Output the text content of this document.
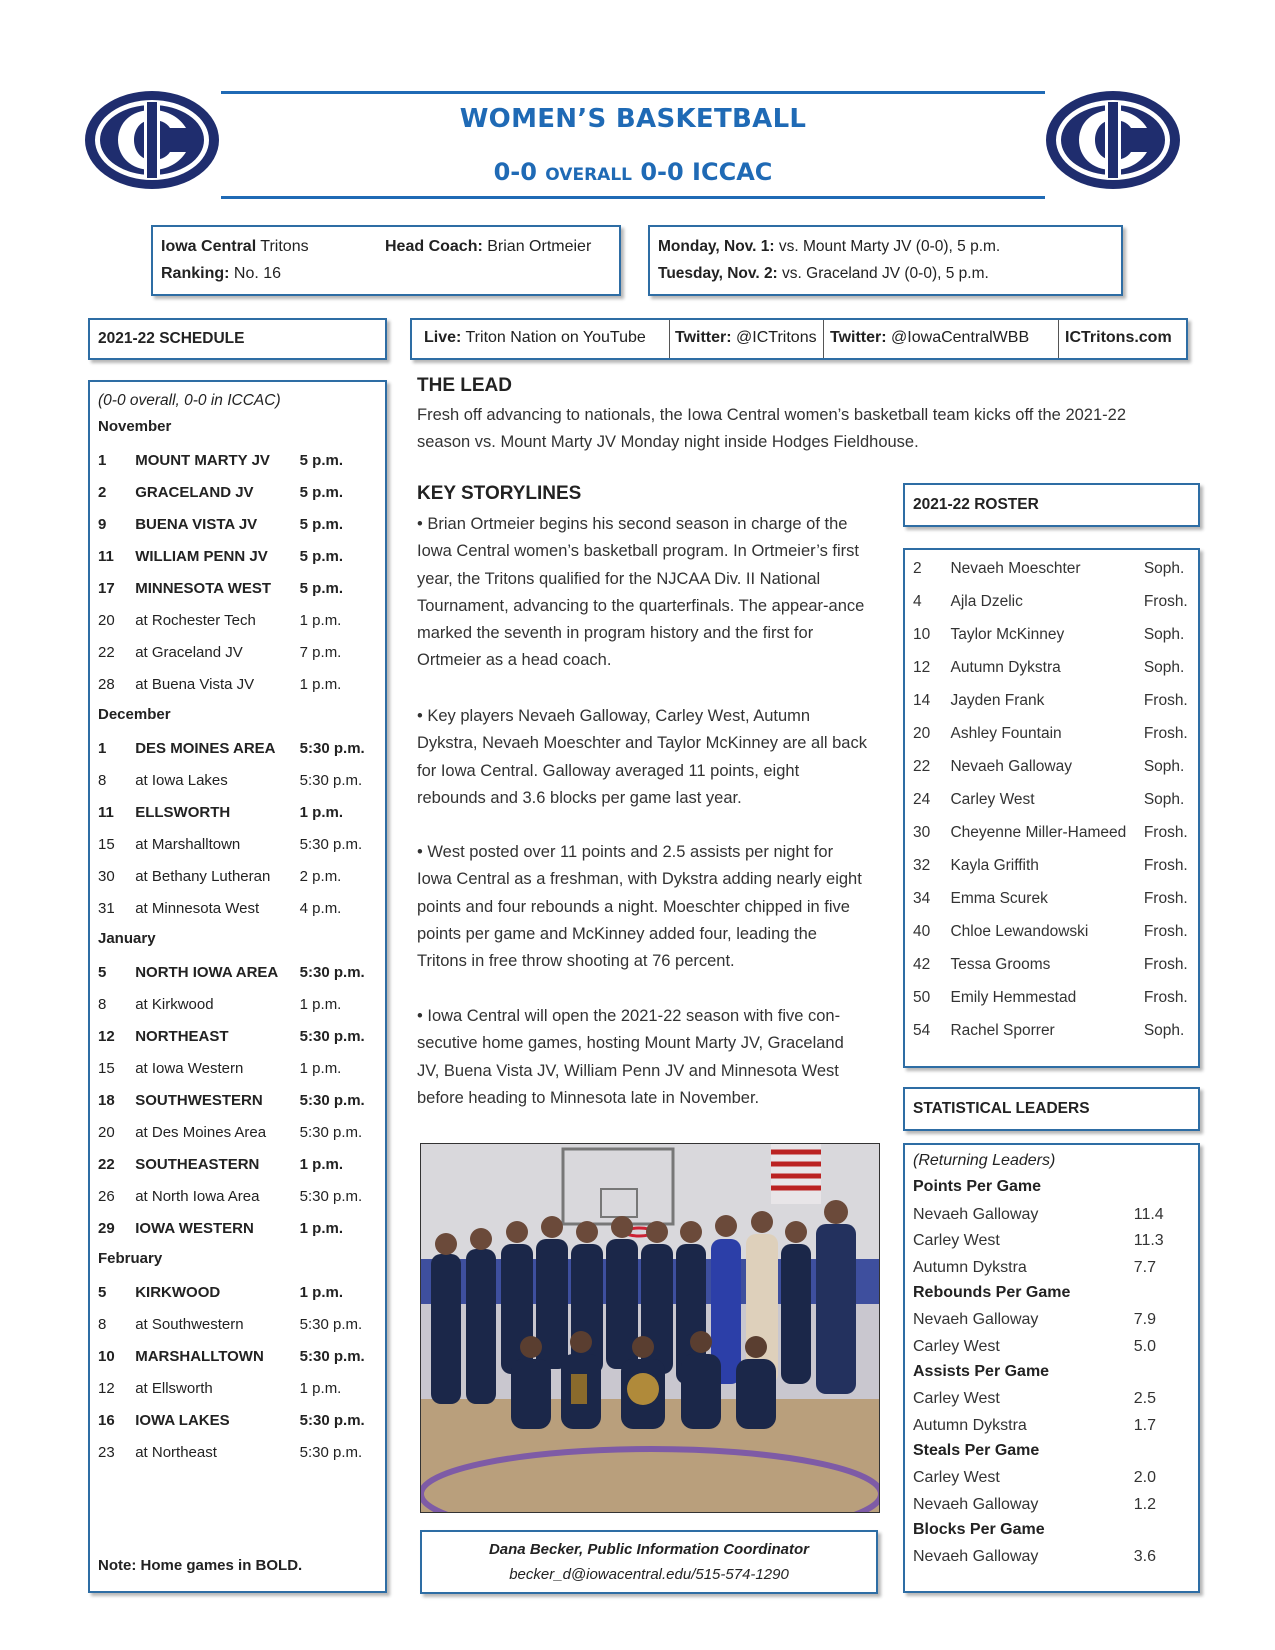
WOMEN’S BASKETBALL
0-0 overall 0-0 ICCAC
Iowa Central Tritons	Head Coach: Brian Ortmeier
Ranking: No. 16
Monday, Nov. 1: vs. Mount Marty JV (0-0), 5 p.m.
Tuesday, Nov. 2: vs. Graceland JV (0-0), 5 p.m.
2021-22 SCHEDULE	Live: Triton Nation on YouTube Twitter: @ICTritons Twitter: @IowaCentralWBB ICTritons.com
(0-0 overall, 0-0 in ICCAC)
November
1	MOUNT MARTY JV	5 p.m.
2	GRACELAND JV	5 p.m.
9	BUENA VISTA JV	5 p.m.
11	WILLIAM PENN JV	5 p.m.
17	MINNESOTA WEST	5 p.m.
20	at Rochester Tech	1 p.m.
22	at Graceland JV	7 p.m.
28	at Buena Vista JV	1 p.m.
December
1	DES MOINES AREA	5:30 p.m.
8	at Iowa Lakes	5:30 p.m.
11	ELLSWORTH	1 p.m.
15	at Marshalltown	5:30 p.m.
30	at Bethany Lutheran	2 p.m.
31	at Minnesota West	4 p.m.
January
5	NORTH IOWA AREA	5:30 p.m.
8	at Kirkwood	1 p.m.
12	NORTHEAST	5:30 p.m.
15	at Iowa Western	1 p.m.
18	SOUTHWESTERN	5:30 p.m.
20	at Des Moines Area	5:30 p.m.
22	SOUTHEASTERN	1 p.m.
26	at North Iowa Area	5:30 p.m.
29	IOWA WESTERN	1 p.m.
February
5	KIRKWOOD	1 p.m.
8	at Southwestern	5:30 p.m.
10	MARSHALLTOWN	5:30 p.m.
12	at Ellsworth	1 p.m.
16	IOWA LAKES	5:30 p.m.
23	at Northeast	5:30 p.m.
Note: Home games in BOLD.
THE LEAD
Fresh off advancing to nationals, the Iowa Central women’s basketball team kicks off the 2021-22 season vs. Mount Marty JV Monday night inside Hodges Fieldhouse.
KEY STORYLINES
• Brian Ortmeier begins his second season in charge of the Iowa Central women’s basketball program. In Ortmeier’s first year, the Tritons qualified for the NJCAA Div. II National Tournament, advancing to the quarterfinals. The appear-ance marked the seventh in program history and the first for Ortmeier as a head coach.
• Key players Nevaeh Galloway, Carley West, Autumn Dykstra, Nevaeh Moeschter and Taylor McKinney are all back for Iowa Central. Galloway averaged 11 points, eight rebounds and 3.6 blocks per game last year.
• West posted over 11 points and 2.5 assists per night for Iowa Central as a freshman, with Dykstra adding nearly eight points and four rebounds a night. Moeschter chipped in five points per game and McKinney added four, leading the Tritons in free throw shooting at 76 percent.
• Iowa Central will open the 2021-22 season with five con-secutive home games, hosting Mount Marty JV, Graceland JV, Buena Vista JV, William Penn JV and Minnesota West before heading to Minnesota late in November.
Dana Becker, Public Information Coordinator
becker_d@iowacentral.edu/515-574-1290
2021-22 ROSTER
2	Nevaeh Moeschter	Soph.
4	Ajla Dzelic	Frosh.
10	Taylor McKinney	Soph.
12	Autumn Dykstra	Soph.
14	Jayden Frank	Frosh.
20	Ashley Fountain	Frosh.
22	Nevaeh Galloway	Soph.
24	Carley West	Soph.
30	Cheyenne Miller-Hameed	Frosh.
32	Kayla Griffith	Frosh.
34	Emma Scurek	Frosh.
40	Chloe Lewandowski	Frosh.
42	Tessa Grooms	Frosh.
50	Emily Hemmestad	Frosh.
54	Rachel Sporrer	Soph.
STATISTICAL LEADERS
(Returning Leaders)
Points Per Game
Nevaeh Galloway	11.4
Carley West	11.3
Autumn Dykstra	7.7
Rebounds Per Game
Nevaeh Galloway	7.9
Carley West	5.0
Assists Per Game
Carley West	2.5
Autumn Dykstra	1.7
Steals Per Game
Carley West	2.0
Nevaeh Galloway	1.2
Blocks Per Game
Nevaeh Galloway	3.6
